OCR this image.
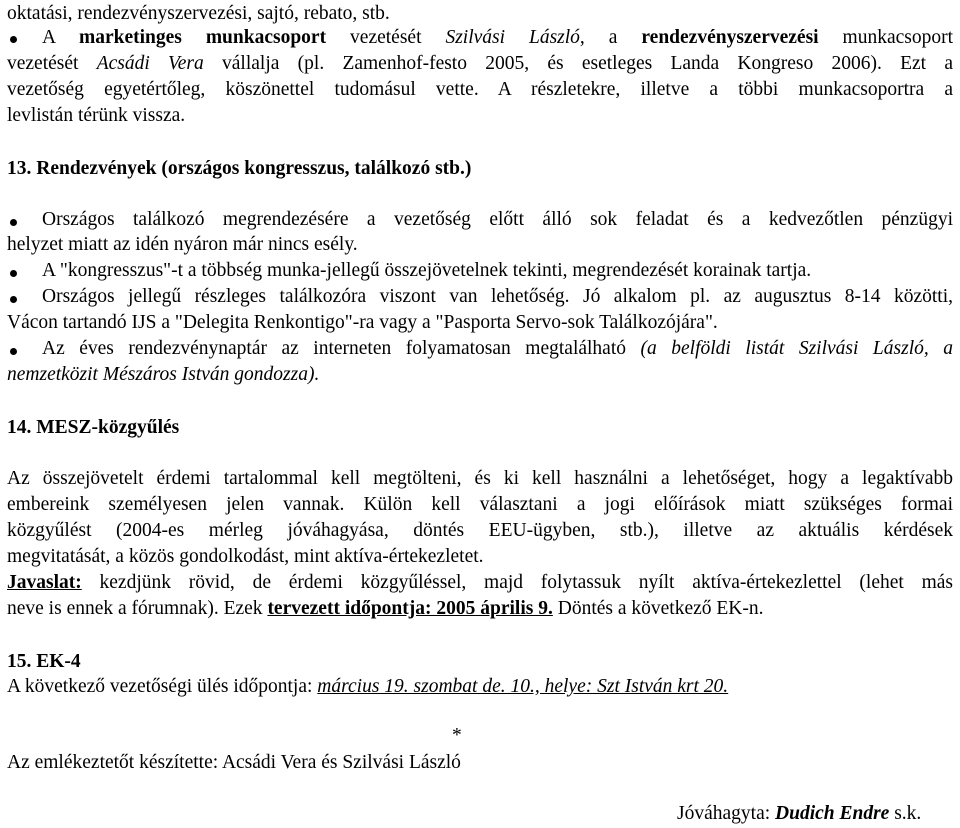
oktatási, rendezvényszervezési, sajtó, rebato, stb.
A marketinges munkacsoport vezetését Szilvási László, a rendezvényszervezési munkacsoport
vezetését Acsádi Vera vállalja (pl. Zamenhof-festo 2005, és esetleges Landa Kongreso 2006). Ezt a
vezetőség egyetértőleg, köszönettel tudomásul vette. A részletekre, illetve a többi munkacsoportra a
levlistán térünk vissza.
13. Rendezvények (országos kongresszus, találkozó stb.)
Országos találkozó megrendezésére a vezetőség előtt álló sok feladat és a kedvezőtlen pénzügyi
helyzet miatt az idén nyáron már nincs esély.
A "kongresszus"-t a többség munka-jellegű összejövetelnek tekinti, megrendezését korainak tartja.
Országos jellegű részleges találkozóra viszont van lehetőség. Jó alkalom pl. az augusztus 8-14 közötti,
Vácon tartandó IJS a "Delegita Renkontigo"-ra vagy a "Pasporta Servo-sok Találkozójára".
Az éves rendezvénynaptár az interneten folyamatosan megtalálható (a belföldi listát Szilvási László, a
nemzetközit Mészáros István gondozza).
14. MESZ-közgyűlés
Az összejövetelt érdemi tartalommal kell megtölteni, és ki kell használni a lehetőséget, hogy a legaktívabb
embereink személyesen jelen vannak. Külön kell választani a jogi előírások miatt szükséges formai
közgyűlést (2004-es mérleg jóváhagyása, döntés EEU-ügyben, stb.), illetve az aktuális kérdések
megvitatását, a közös gondolkodást, mint aktíva-értekezletet.
Javaslat: kezdjünk rövid, de érdemi közgyűléssel, majd folytassuk nyílt aktíva-értekezlettel (lehet más
neve is ennek a fórumnak). Ezek tervezett időpontja: 2005 április 9. Döntés a következő EK-n.
15. EK-4
A következő vezetőségi ülés időpontja: március 19. szombat de. 10., helye: Szt István krt 20.
*
Az emlékeztetőt készítette: Acsádi Vera és Szilvási László
Jóváhagyta: Dudich Endre s.k.
